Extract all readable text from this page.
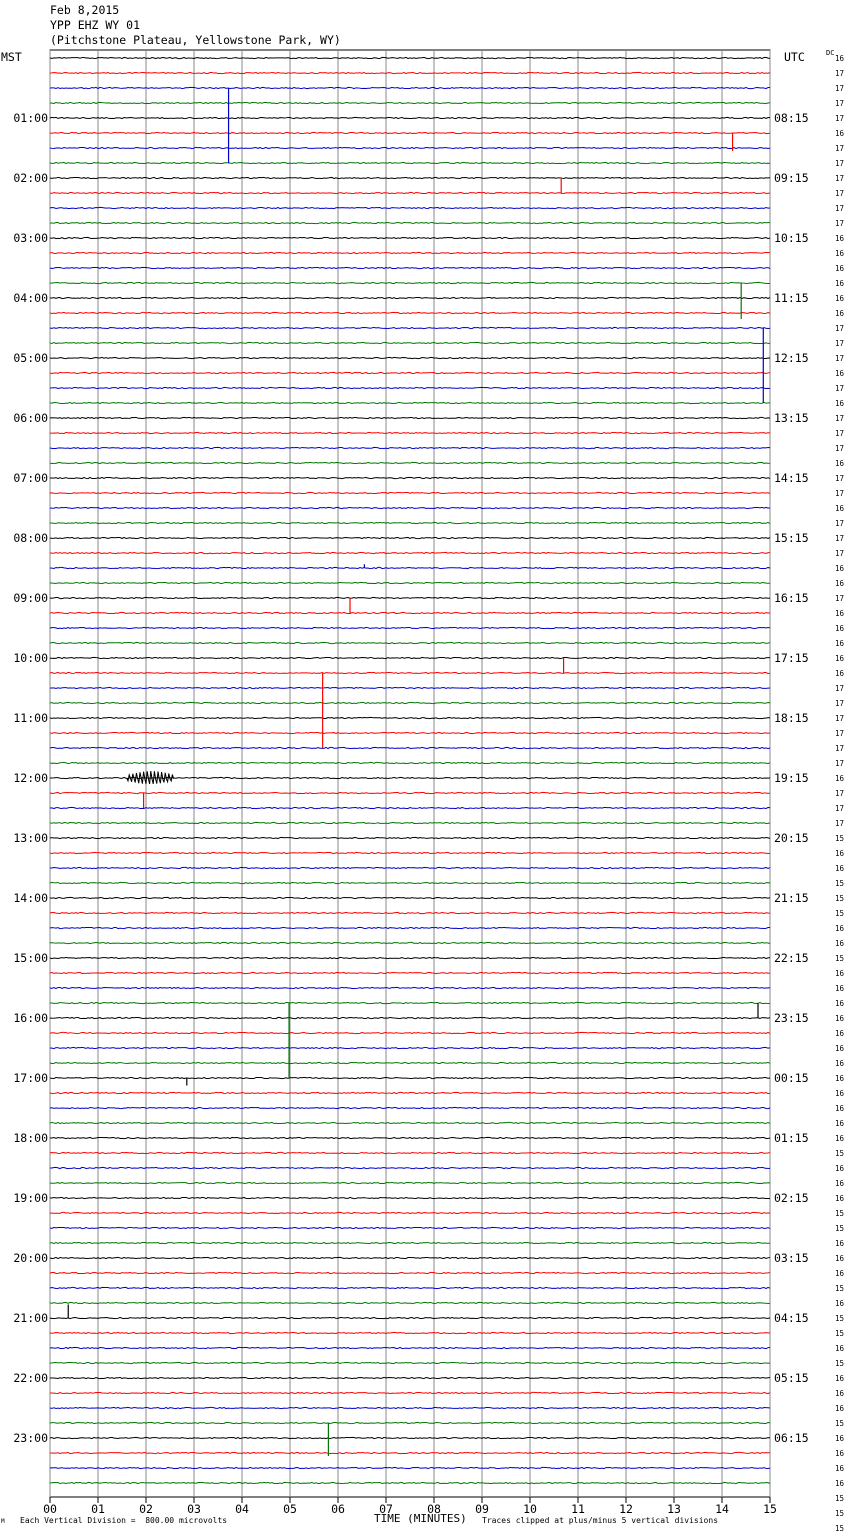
Feb 8,2015
YPP EHZ WY 01
(Pitchstone Plateau, Yellowstone Park, WY)
MST	UTC	DC
00	01	02	03	04	05	06	07	08	09	10	11	12	13	14	15
01:00	08:15
02:00	09:15
03:00	10:15
04:00	11:15
05:00	12:15
06:00	13:15
07:00	14:15
08:00	15:15
09:00	16:15
10:00	17:15
11:00	18:15
12:00	19:15
13:00	20:15
14:00	21:15
15:00	22:15
16:00	23:15
17:00	00:15
18:00	01:15
19:00	02:15
20:00	03:15
21:00	04:15
22:00	05:15
23:00	06:15
16
17
17
17
17
16
17
17
17
17
17
17
16
16
16
16
16
16
17
17
17
16
17
16
17
17
17
16
17
17
16
17
17
17
16
16
17
16
16
16
16
16
17
17
17
17
17
17
16
17
17
17
15
16
16
15
15
15
16
16
15
16
16
16
16
16
16
16
16
16
16
16
16
15
16
16
16
15
15
16
16
16
15
16
15
15
16
15
16
16
16
15
16
16
16
16
15
15
15
M Each Vertical Division =  800.00 microvolts	TIME (MINUTES) Traces clipped at plus/minus 5 vertical divisions
